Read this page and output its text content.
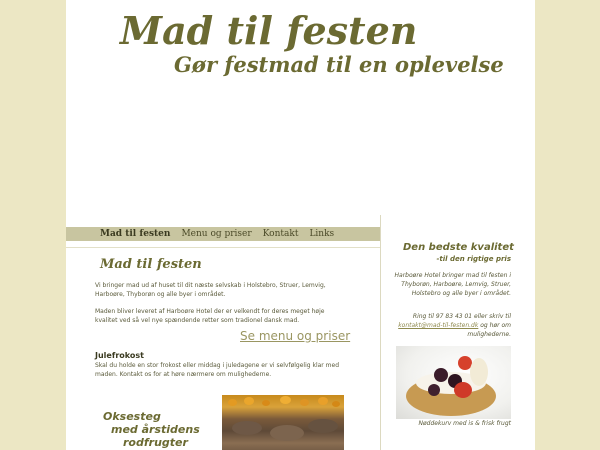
Mad til festen
Gør festmad til en oplevelse
Mad til festen Menu og priser Kontakt Links
Mad til festen

Vi bringer mad ud af huset til dit næste selvskab i Holstebro, Struer, Lemvig, Harboøre, Thyborøn og alle byer i området.

Maden bliver leveret af Harboøre Hotel der er velkendt for deres meget høje kvalitet ved så vel nye spændende retter som tradionel dansk mad.

Se menu og priser
Julefrokost

Skal du holde en stor frokost eller middag i juledagene er vi selvfølgelig klar med maden. Kontakt os for at høre nærmere om mulighederne.

Oksesteg
med årstidens
rodfrugter
Den bedste kvalitet
-til den rigtige pris

Harboøre Hotel bringer mad til festen i Thyborøn, Harboøre, Lemvig, Struer, Holstebro og alle byer i området.

Ring til 97 83 43 01 eller skriv til kontakt@mad-til-festen.dk og hør om mulighederne.

Nøddekurv med is & frisk frugt
